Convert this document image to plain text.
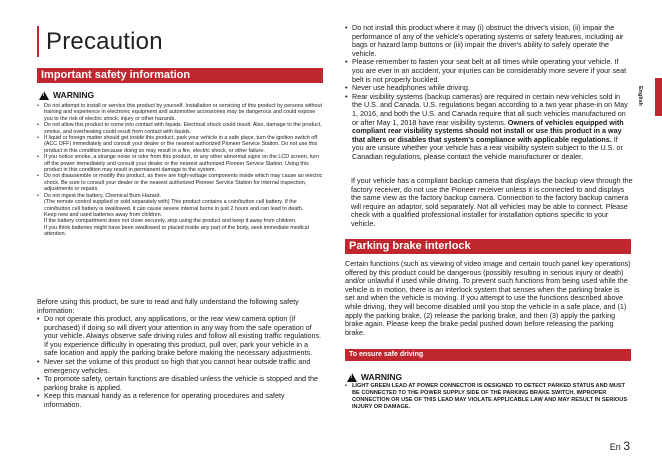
Precaution
Important safety information
!
WARNING
• Do not attempt to install or service this product by yourself. Installation or servicing of this product by persons without training and experience in electronic equipment and automotive accessories may be dangerous and could expose you to the risk of electric shock, injury or other hazards.
• Do not allow this product to come into contact with liquids. Electrical shock could result. Also, damage to the product, smoke, and overheating could result from contact with liquids.
• If liquid or foreign matter should get inside this product, park your vehicle in a safe place, turn the ignition switch off (ACC OFF) immediately and consult your dealer or the nearest authorized Pioneer Service Station. Do not use this product in this condition because doing so may result in a fire, electric shock, or other failure.
• If you notice smoke, a strange noise or odor from this product, or any other abnormal signs on the LCD screen, turn off the power immediately and consult your dealer or the nearest authorized Pioneer Service Station. Using this product in this condition may result in permanent damage to the system.
• Do not disassemble or modify this product, as there are high-voltage components inside which may cause an electric shock. Be sure to consult your dealer or the nearest authorized Pioneer Service Station for internal inspection, adjustments or repairs.
• Do not ingest the battery, Chemical Burn Hazard.

(The remote control supplied or sold separately with) This product contains a coin/button cell battery. If the coin/button cell battery is swallowed, it can cause severe internal burns in just 2 hours and can lead to death.

Keep new and used batteries away from children.

If the battery compartment does not close securely, stop using the product and keep it away from children.

If you think batteries might have been swallowed or placed inside any part of the body, seek immediate medical attention.

Before using this product, be sure to read and fully understand the following safety information:
• Do not operate this product, any applications, or the rear view camera option (if purchased) if doing so will divert your attention in any way from the safe operation of your vehicle. Always observe safe driving rules and follow all existing traffic regulations. If you experience difficulty in operating this product, pull over, park your vehicle in a safe location and apply the parking brake before making the necessary adjustments.
• Never set the volume of this product so high that you cannot hear outside traffic and emergency vehicles.
• To promote safety, certain functions are disabled unless the vehicle is stopped and the parking brake is applied.
• Keep this manual handy as a reference for operating procedures and safety information.
• Do not install this product where it may (i) obstruct the driver's vision, (ii) impair the performance of any of the vehicle's operating systems or safety features, including air bags or hazard lamp buttons or (iii) impair the driver's ability to safely operate the vehicle.
• Please remember to fasten your seat belt at all times while operating your vehicle. If you are ever in an accident, your injuries can be considerably more severe if your seat belt is not properly buckled.
• Never use headphones while driving.
• Rear visibility systems (backup cameras) are required in certain new vehicles sold in the U.S. and Canada. U.S. regulations began according to a two year phase-in on May 1, 2016, and both the U.S. and Canada require that all such vehicles manufactured on or after May 1, 2018 have rear visibility systems. Owners of vehicles equipped with compliant rear visibility systems should not install or use this product in a way that alters or disables that system's compliance with applicable regulations. If you are unsure whether your vehicle has a rear visibility system subject to the U.S. or Canadian regulations, please contact the vehicle manufacturer or dealer.

If your vehicle has a compliant backup camera that displays the backup view through the factory receiver, do not use the Pioneer receiver unless it is connected to and displays the same view as the factory backup camera. Connection to the factory backup camera will require an adaptor, sold separately. Not all vehicles may be able to connect. Please check with a qualified professional installer for installation options specific to your vehicle.

Parking brake interlock

Certain functions (such as viewing of video image and certain touch panel key operations) offered by this product could be dangerous (possibly resulting in serious injury or death) and/or unlawful if used while driving. To prevent such functions from being used while the vehicle is in motion, there is an interlock system that senses when the parking brake is set and when the vehicle is moving. If you attempt to use the functions described above while driving, they will become disabled until you stop the vehicle in a safe place, and (1) apply the parking brake, (2) release the parking brake, and then (3) apply the parking brake again. Please keep the brake pedal pushed down before releasing the parking brake.

To ensure safe driving
!
WARNING
• LIGHT GREEN LEAD AT POWER CONNECTOR IS DESIGNED TO DETECT PARKED STATUS AND MUST BE CONNECTED TO THE POWER SUPPLY SIDE OF THE PARKING BRAKE SWITCH. IMPROPER CONNECTION OR USE OF THIS LEAD MAY VIOLATE APPLICABLE LAW AND MAY RESULT IN SERIOUS INJURY OR DAMAGE.
English
En 3
